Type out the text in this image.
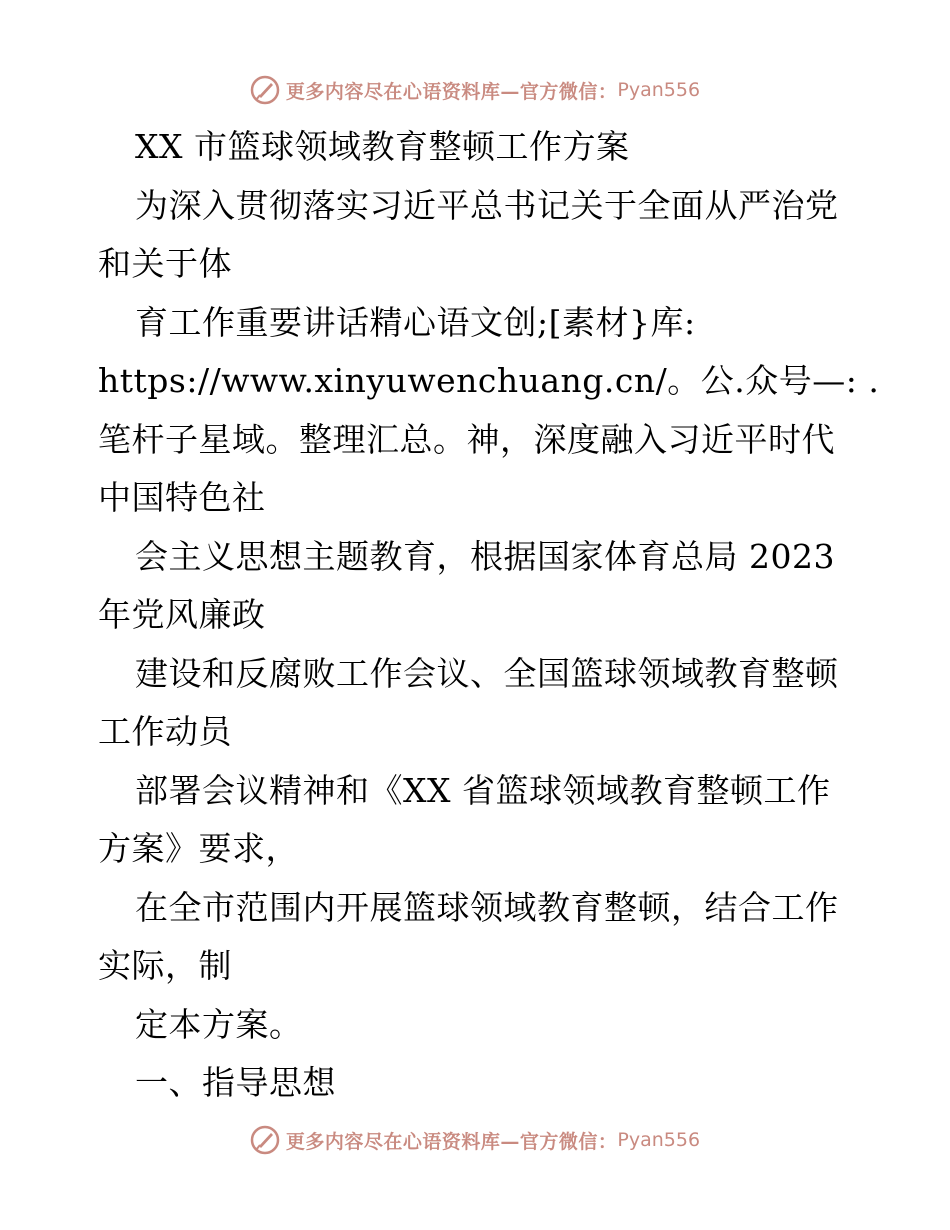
更多内容尽在心语资料库—官方微信： Pyan556
XX 市篮球领域教育整顿工作方案
为深入贯彻落实习近平总书记关于全面从严治党
和关于体
育工作重要讲话精心语文创;[素材}库:
https://www.xinyuwenchuang.cn/。公.众号—: .
笔杆子星域。整理汇总。神，深度融入习近平时代
中国特色社
会主义思想主题教育，根据国家体育总局 2023
年党风廉政
建设和反腐败工作会议、全国篮球领域教育整顿
工作动员
部署会议精神和《XX 省篮球领域教育整顿工作
方案》要求，
在全市范围内开展篮球领域教育整顿，结合工作
实际，制
定本方案。
一、指导思想
更多内容尽在心语资料库—官方微信： Pyan556
